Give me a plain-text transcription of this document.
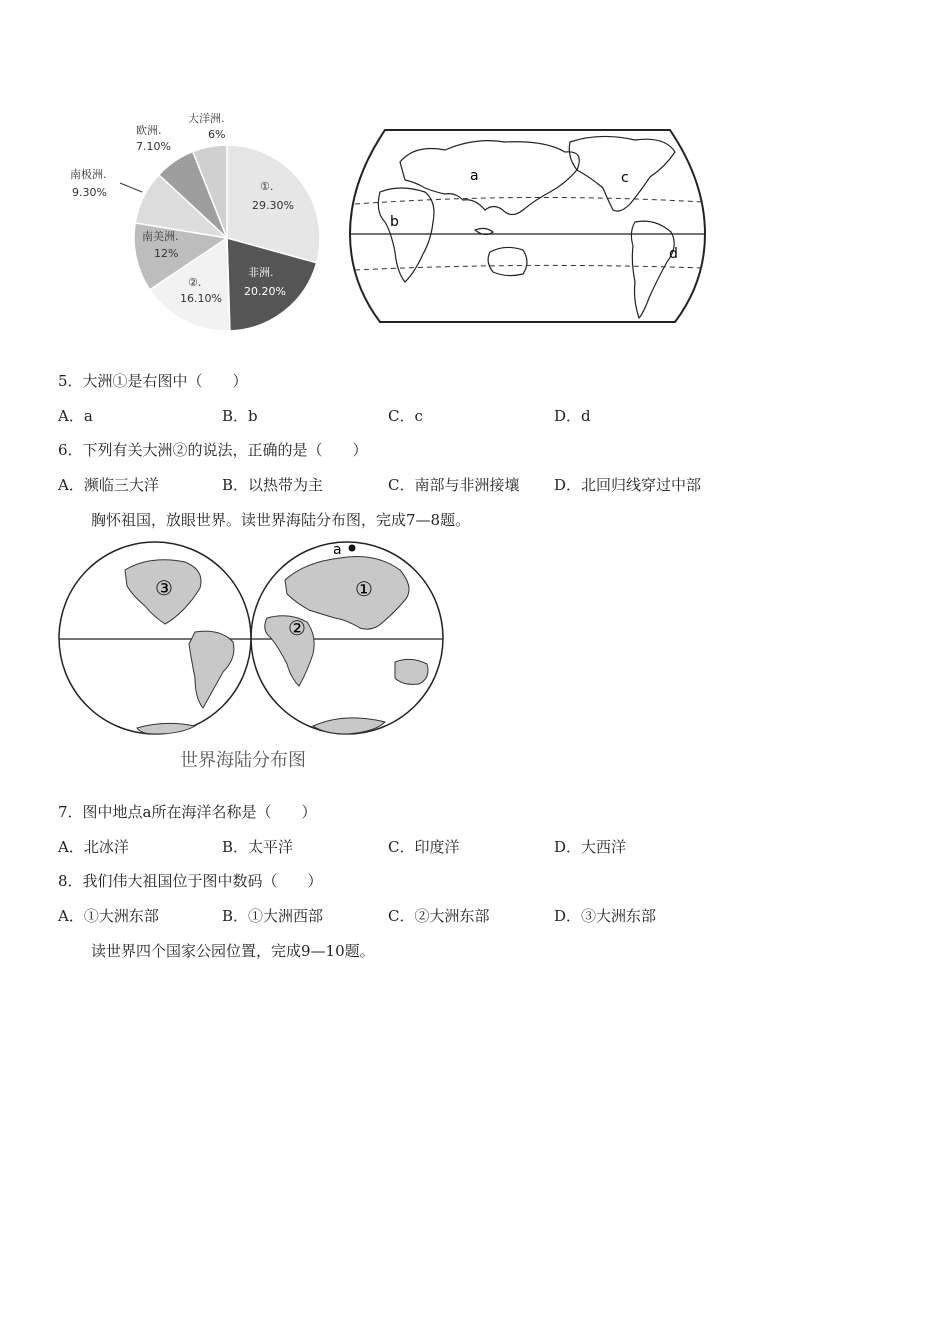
大洋洲.
6%
欧洲.
7.10%
南极洲.
9.30%	①.
29.30%
南美洲.
12%
非洲.
20.20%
②.
16.10%
a
b
c
d
5．大洲①是右图中（　　）
A．a	B．b	C．c	D．d
6．下列有关大洲②的说法，正确的是（　　）
A．濒临三大洋	B．以热带为主	C．南部与非洲接壤 D．北回归线穿过中部
胸怀祖国，放眼世界。读世界海陆分布图，完成7—8题。
③	①
②
a
世界海陆分布图
7．图中地点a所在海洋名称是（　　）
A．北冰洋	B．太平洋	C．印度洋	D．大西洋
8．我们伟大祖国位于图中数码（　　）
A．①大洲东部	B．①大洲西部	C．②大洲东部	D．③大洲东部
读世界四个国家公园位置，完成9—10题。
